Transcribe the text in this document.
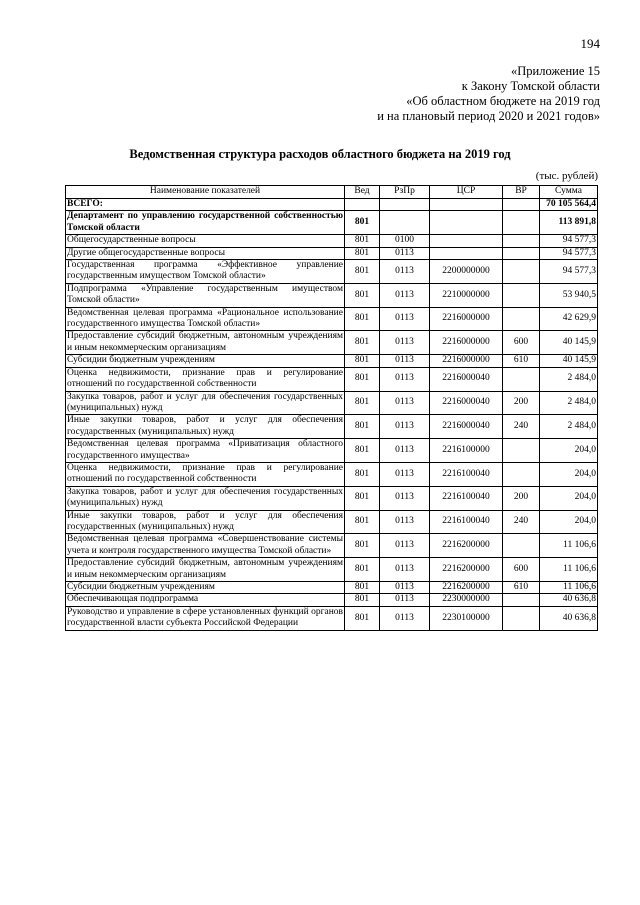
194
«Приложение 15
к Закону Томской области
«Об областном бюджете на 2019 год
и на плановый период 2020 и 2021 годов»
Ведомственная структура расходов областного бюджета на 2019 год
(тыс. рублей)
Наименование показателей	Вед	РзПр	ЦСР	ВР	Сумма
ВСЕГО:					70 105 564,4
Департамент по управлению государственной собственностью Томской области	801				113 891,8
Общегосударственные вопросы	801	0100			94 577,3
Другие общегосударственные вопросы	801	0113			94 577,3
Государственная программа «Эффективное управление государственным имуществом Томской области»	801	0113	2200000000		94 577,3
Подпрограмма «Управление государственным имуществом Томской области»	801	0113	2210000000		53 940,5
Ведомственная целевая программа «Рациональное использование государственного имущества Томской области»	801	0113	2216000000		42 629,9
Предоставление субсидий бюджетным, автономным учреждениям и иным некоммерческим организациям	801	0113	2216000000	600	40 145,9
Субсидии бюджетным учреждениям	801	0113	2216000000	610	40 145,9
Оценка недвижимости, признание прав и регулирование отношений по государственной собственности	801	0113	2216000040		2 484,0
Закупка товаров, работ и услуг для обеспечения государственных (муниципальных) нужд	801	0113	2216000040	200	2 484,0
Иные закупки товаров, работ и услуг для обеспечения государственных (муниципальных) нужд	801	0113	2216000040	240	2 484,0
Ведомственная целевая программа «Приватизация областного государственного имущества»	801	0113	2216100000		204,0
Оценка недвижимости, признание прав и регулирование отношений по государственной собственности	801	0113	2216100040		204,0
Закупка товаров, работ и услуг для обеспечения государственных (муниципальных) нужд	801	0113	2216100040	200	204,0
Иные закупки товаров, работ и услуг для обеспечения государственных (муниципальных) нужд	801	0113	2216100040	240	204,0
Ведомственная целевая программа «Совершенствование системы учета и контроля государственного имущества Томской области»	801	0113	2216200000		11 106,6
Предоставление субсидий бюджетным, автономным учреждениям и иным некоммерческим организациям	801	0113	2216200000	600	11 106,6
Субсидии бюджетным учреждениям	801	0113	2216200000	610	11 106,6
Обеспечивающая подпрограмма	801	0113	2230000000		40 636,8
Руководство и управление в сфере установленных функций органов государственной власти субъекта Российской Федерации	801	0113	2230100000		40 636,8
